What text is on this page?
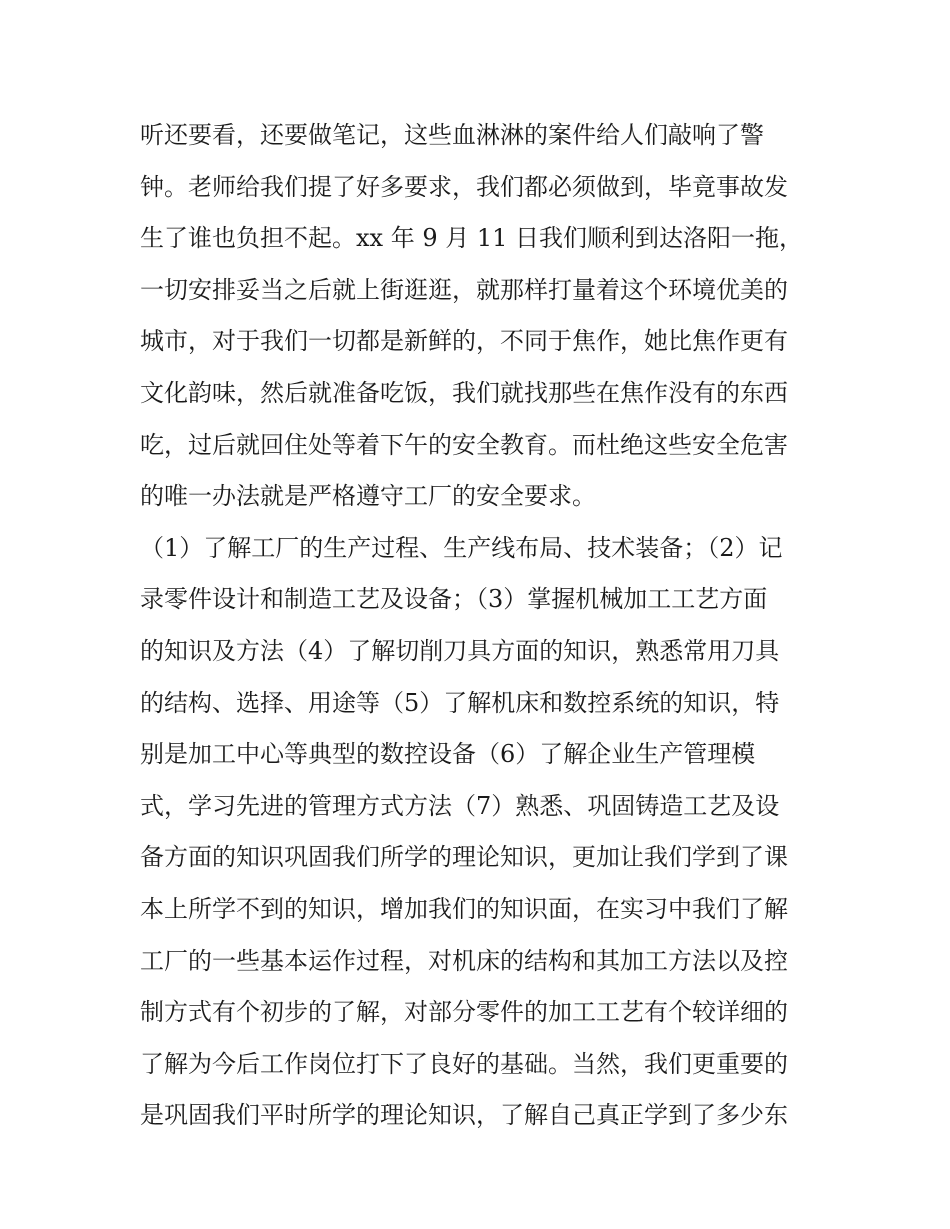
听还要看，还要做笔记，这些血淋淋的案件给人们敲响了警
钟。老师给我们提了好多要求，我们都必须做到，毕竟事故发
生了谁也负担不起。xx 年 9 月 11 日我们顺利到达洛阳一拖，
一切安排妥当之后就上街逛逛，就那样打量着这个环境优美的
城市，对于我们一切都是新鲜的，不同于焦作，她比焦作更有
文化韵味，然后就准备吃饭，我们就找那些在焦作没有的东西
吃，过后就回住处等着下午的安全教育。而杜绝这些安全危害
的唯一办法就是严格遵守工厂的安全要求。
（1）了解工厂的生产过程、生产线布局、技术装备；（2）记
录零件设计和制造工艺及设备；（3）掌握机械加工工艺方面
的知识及方法（4）了解切削刀具方面的知识，熟悉常用刀具
的结构、选择、用途等（5）了解机床和数控系统的知识，特
别是加工中心等典型的数控设备（6）了解企业生产管理模
式，学习先进的管理方式方法（7）熟悉、巩固铸造工艺及设
备方面的知识巩固我们所学的理论知识，更加让我们学到了课
本上所学不到的知识，增加我们的知识面，在实习中我们了解
工厂的一些基本运作过程，对机床的结构和其加工方法以及控
制方式有个初步的了解，对部分零件的加工工艺有个较详细的
了解为今后工作岗位打下了良好的基础。当然，我们更重要的
是巩固我们平时所学的理论知识，了解自己真正学到了多少东
